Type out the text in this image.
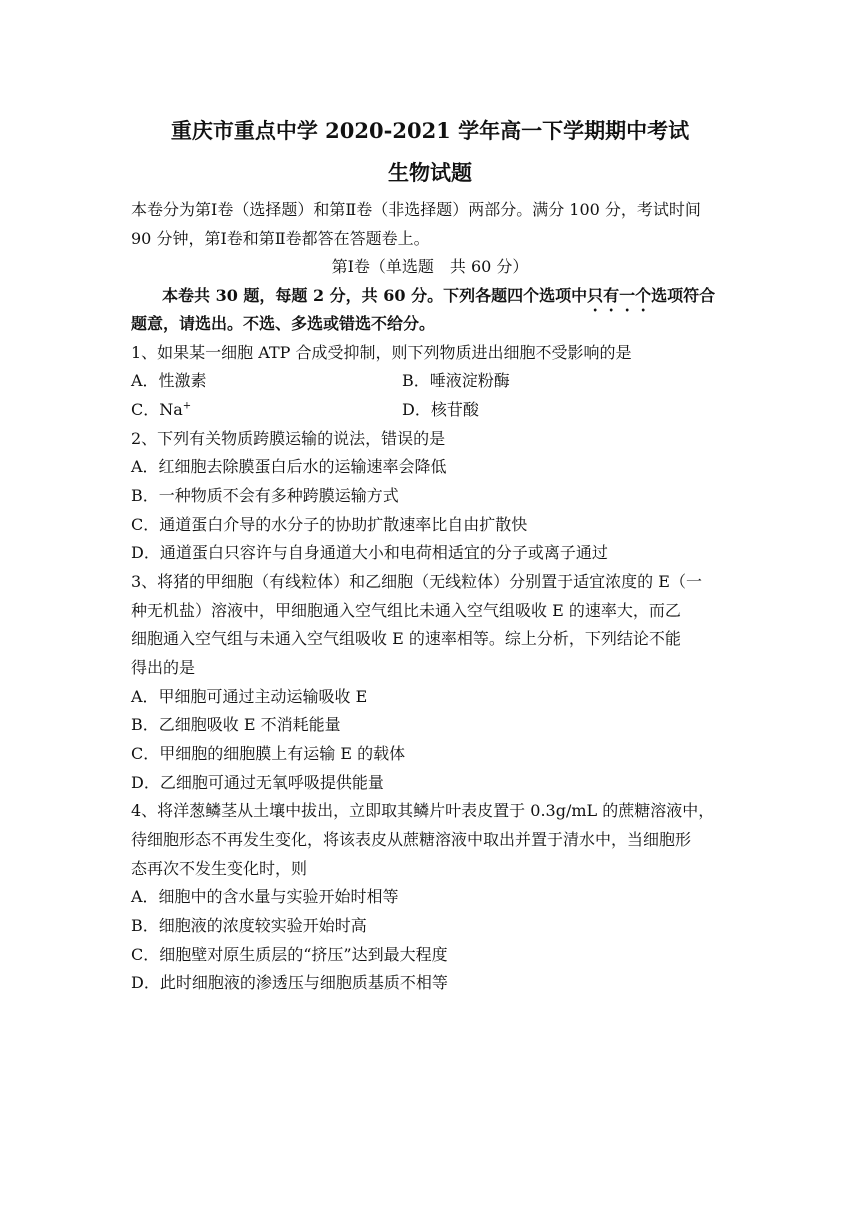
重庆市重点中学 2020-2021 学年高一下学期期中考试
生物试题
本卷分为第Ⅰ卷（选择题）和第Ⅱ卷（非选择题）两部分。满分 100 分，考试时间
90 分钟，第Ⅰ卷和第Ⅱ卷都答在答题卷上。
第Ⅰ卷（单选题　共 60 分）
本卷共 30 题，每题 2 分，共 60 分。下列各题四个选项中只有一个选项符合
题意，请选出。不选、多选或错选不给分。
1、如果某一细胞 ATP 合成受抑制，则下列物质进出细胞不受影响的是
A．性激素	B．唾液淀粉酶
C．Na+	D．核苷酸
2、下列有关物质跨膜运输的说法，错误的是
A．红细胞去除膜蛋白后水的运输速率会降低
B．一种物质不会有多种跨膜运输方式
C．通道蛋白介导的水分子的协助扩散速率比自由扩散快
D．通道蛋白只容许与自身通道大小和电荷相适宜的分子或离子通过
3、将猪的甲细胞（有线粒体）和乙细胞（无线粒体）分别置于适宜浓度的 E（一
种无机盐）溶液中，甲细胞通入空气组比未通入空气组吸收 E 的速率大，而乙
细胞通入空气组与未通入空气组吸收 E 的速率相等。综上分析，下列结论不能
得出的是
A．甲细胞可通过主动运输吸收 E
B．乙细胞吸收 E 不消耗能量
C．甲细胞的细胞膜上有运输 E 的载体
D．乙细胞可通过无氧呼吸提供能量
4、将洋葱鳞茎从土壤中拔出，立即取其鳞片叶表皮置于 0.3g/mL 的蔗糖溶液中，
待细胞形态不再发生变化，将该表皮从蔗糖溶液中取出并置于清水中，当细胞形
态再次不发生变化时，则
A．细胞中的含水量与实验开始时相等
B．细胞液的浓度较实验开始时高
C．细胞壁对原生质层的“挤压”达到最大程度
D．此时细胞液的渗透压与细胞质基质不相等
